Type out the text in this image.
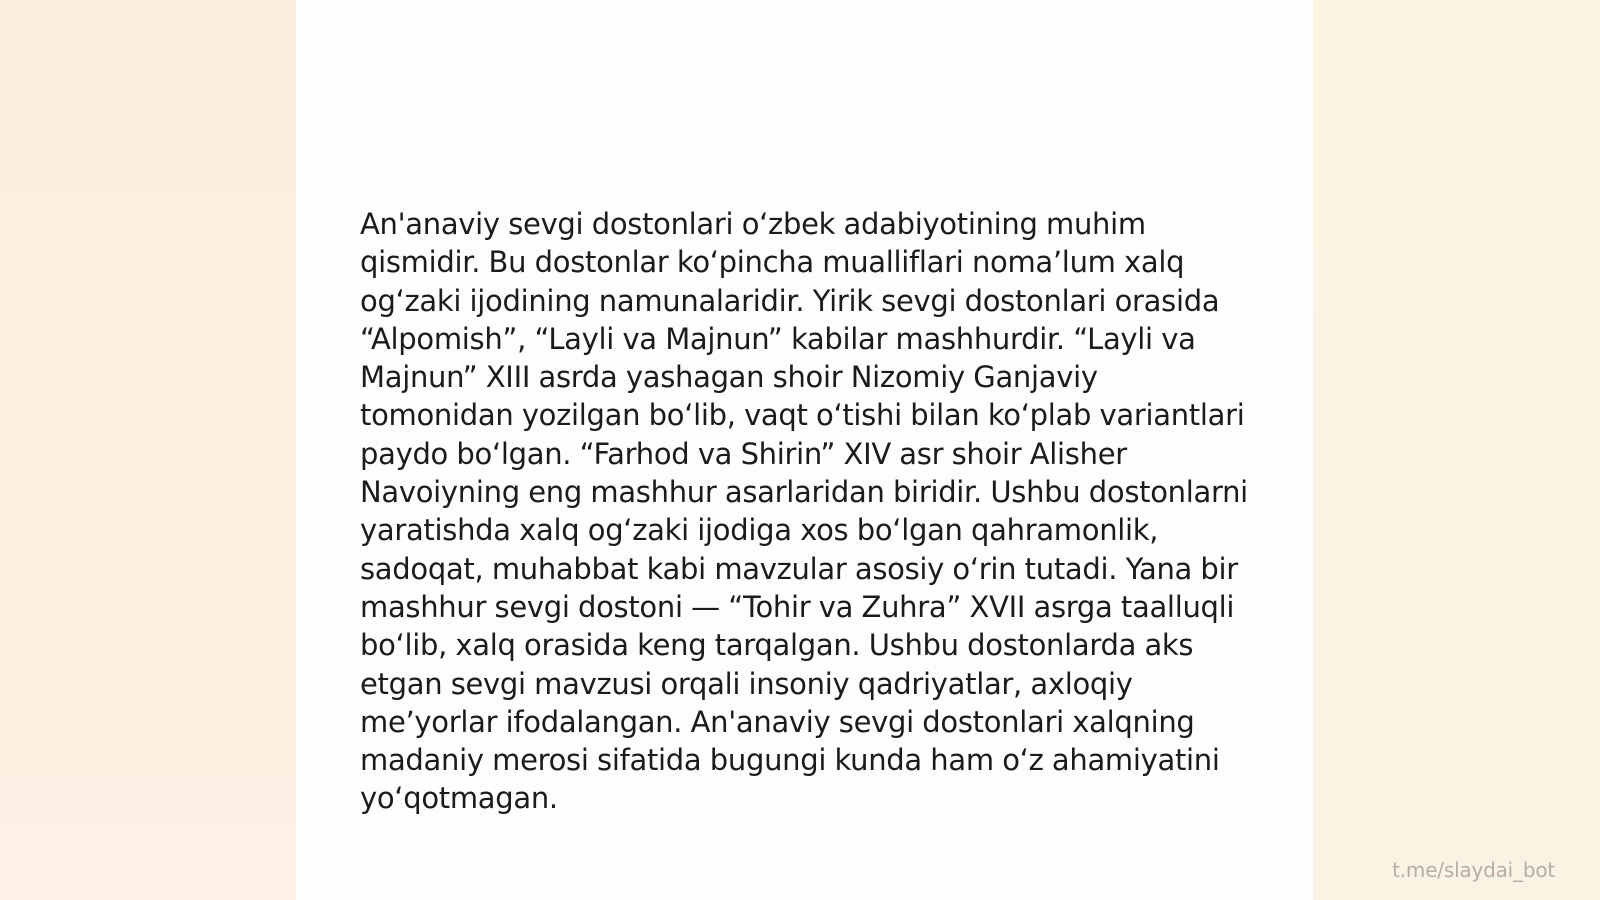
An'anaviy sevgi dostonlari oʻzbek adabiyotining muhim qismidir. Bu dostonlar koʻpincha mualliflari nomaʼlum xalq ogʻzaki ijodining namunalaridir. Yirik sevgi dostonlari orasida “Alpomish”, “Layli va Majnun” kabilar mashhurdir. “Layli va Majnun” XIII asrda yashagan shoir Nizomiy Ganjaviy tomonidan yozilgan boʻlib, vaqt oʻtishi bilan koʻplab variantlari paydo boʻlgan. “Farhod va Shirin” XIV asr shoir Alisher Navoiyning eng mashhur asarlaridan biridir. Ushbu dostonlarni yaratishda xalq ogʻzaki ijodiga xos boʻlgan qahramonlik, sadoqat, muhabbat kabi mavzular asosiy oʻrin tutadi. Yana bir mashhur sevgi dostoni — “Tohir va Zuhra” XVII asrga taalluqli boʻlib, xalq orasida keng tarqalgan. Ushbu dostonlarda aks etgan sevgi mavzusi orqali insoniy qadriyatlar, axloqiy meʼyorlar ifodalangan. An'anaviy sevgi dostonlari xalqning madaniy merosi sifatida bugungi kunda ham oʻz ahamiyatini yoʻqotmagan.

t.me/slaydai_bot
